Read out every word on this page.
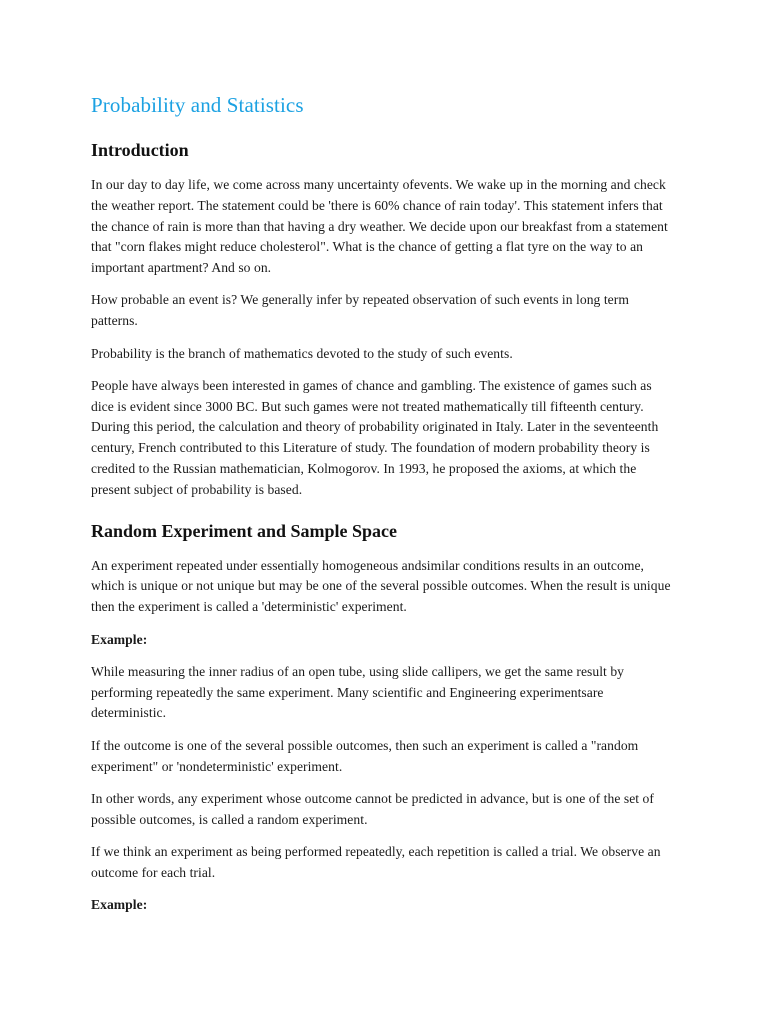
Probability and Statistics
Introduction

In our day to day life, we come across many uncertainty ofevents. We wake up in the morning and check the weather report. The statement could be 'there is 60% chance of rain today'. This statement infers that the chance of rain is more than that having a dry weather. We decide upon our breakfast from a statement that "corn flakes might reduce cholesterol". What is the chance of getting a flat tyre on the way to an important apartment? And so on.

How probable an event is? We generally infer by repeated observation of such events in long term patterns.

Probability is the branch of mathematics devoted to the study of such events.

People have always been interested in games of chance and gambling. The existence of games such as dice is evident since 3000 BC. But such games were not treated mathematically till fifteenth century. During this period, the calculation and theory of probability originated in Italy. Later in the seventeenth century, French contributed to this Literature of study. The foundation of modern probability theory is credited to the Russian mathematician, Kolmogorov. In 1993, he proposed the axioms, at which the present subject of probability is based.

Random Experiment and Sample Space

An experiment repeated under essentially homogeneous andsimilar conditions results in an outcome, which is unique or not unique but may be one of the several possible outcomes. When the result is unique then the experiment is called a 'deterministic' experiment.

Example:

While measuring the inner radius of an open tube, using slide callipers, we get the same result by performing repeatedly the same experiment. Many scientific and Engineering experimentsare deterministic.

If the outcome is one of the several possible outcomes, then such an experiment is called a "random experiment" or 'nondeterministic' experiment.

In other words, any experiment whose outcome cannot be predicted in advance, but is one of the set of possible outcomes, is called a random experiment.

If we think an experiment as being performed repeatedly, each repetition is called a trial. We observe an outcome for each trial.

Example:
